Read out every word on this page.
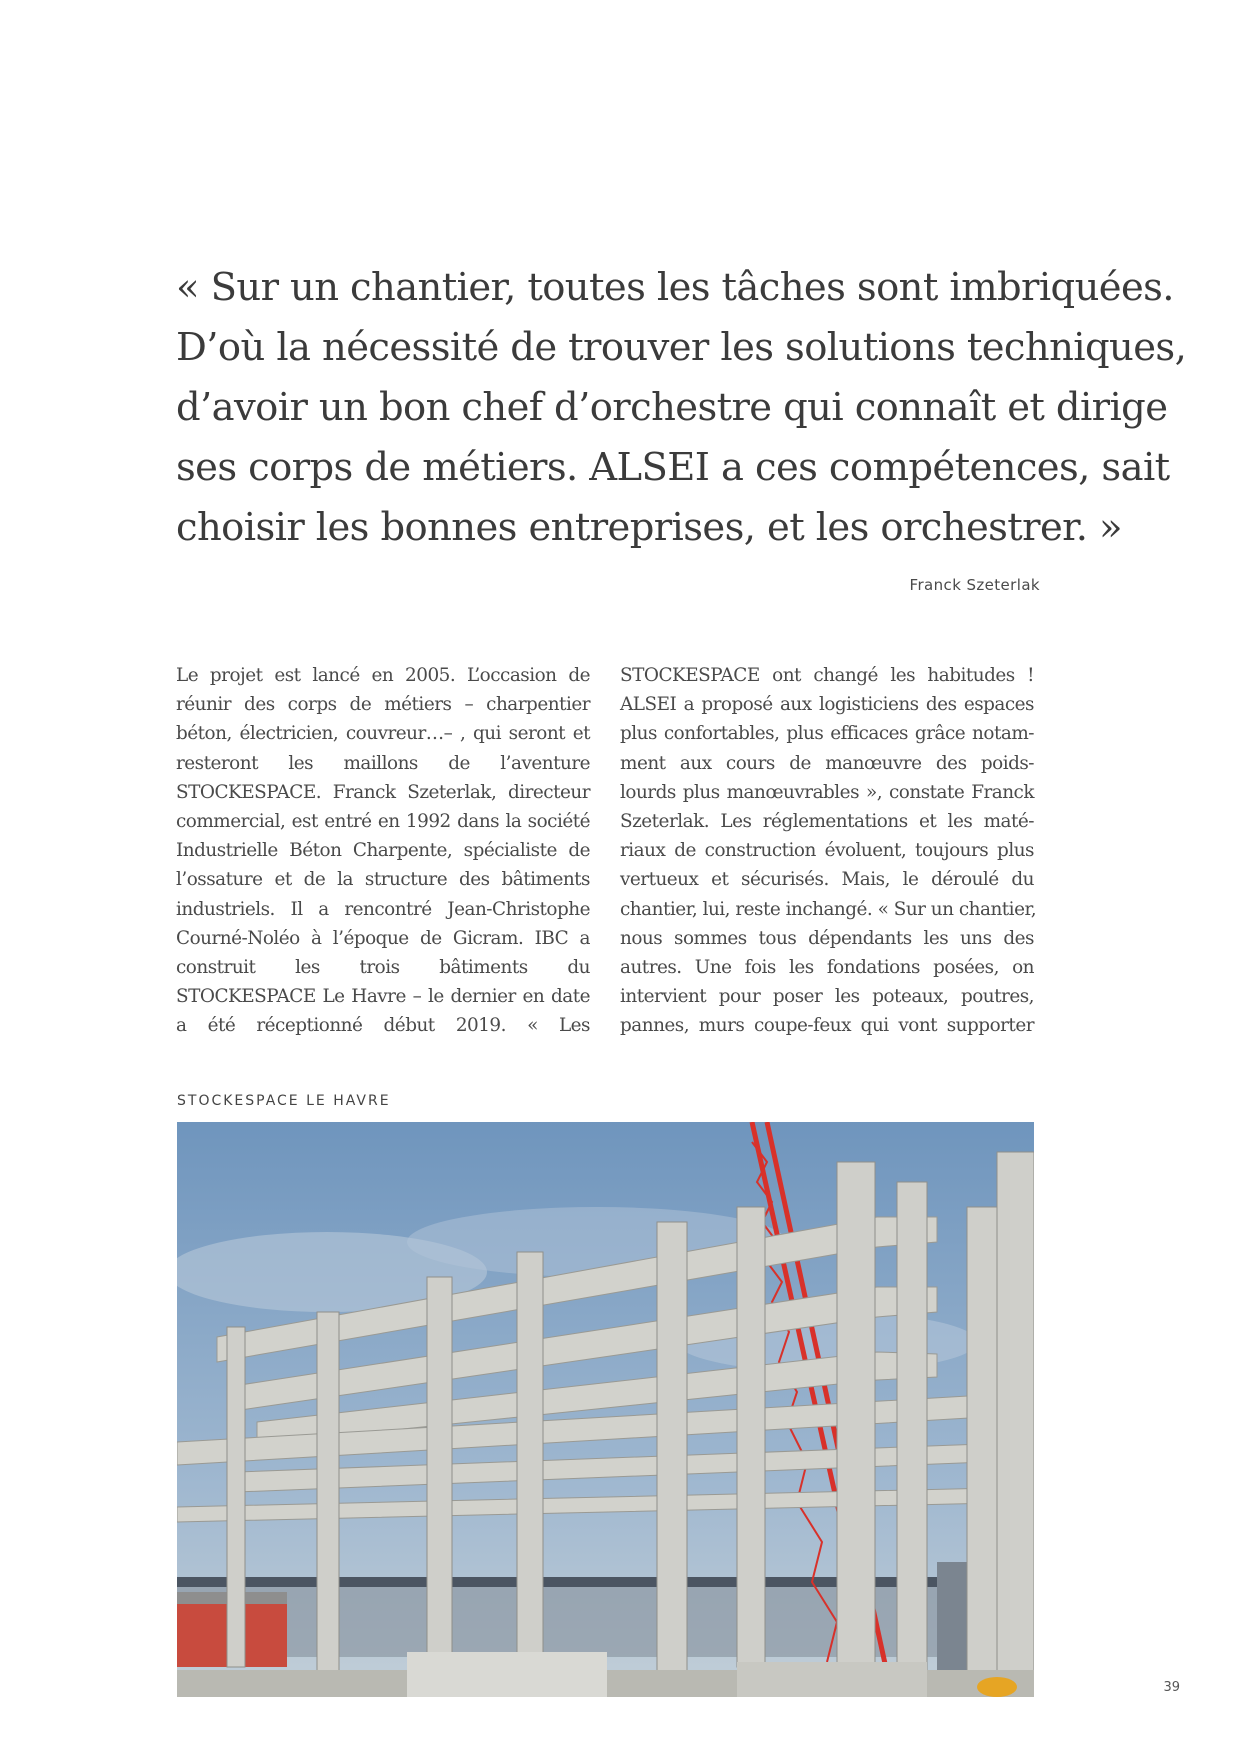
« Sur un chantier, toutes les tâches sont imbriquées.
D’où la nécessité de trouver les solutions techniques,
d’avoir un bon chef d’orchestre qui connaît et dirige
ses corps de métiers. ALSEI a ces compétences, sait
choisir les bonnes entreprises, et les orchestrer. »
Franck Szeterlak
Le projet est lancé en 2005. L’occasion de
réunir des corps de métiers – charpentier
béton, électricien, couvreur…– , qui seront et
resteront les maillons de l’aventure
STOCKESPACE. Franck Szeterlak, directeur
commercial, est entré en 1992 dans la société
Industrielle Béton Charpente, spécialiste de
l’ossature et de la structure des bâtiments
industriels. Il a rencontré Jean-Christophe
Courné-Noléo à l’époque de Gicram. IBC a
construit les trois bâtiments du
STOCKESPACE Le Havre – le dernier en date
a été réceptionné début 2019. « Les
STOCKESPACE ont changé les habitudes !
ALSEI a proposé aux logisticiens des espaces
plus confortables, plus efficaces grâce notam-
ment aux cours de manœuvre des poids-
lourds plus manœuvrables », constate Franck
Szeterlak. Les réglementations et les maté-
riaux de construction évoluent, toujours plus
vertueux et sécurisés. Mais, le déroulé du
chantier, lui, reste inchangé. « Sur un chantier,
nous sommes tous dépendants les uns des
autres. Une fois les fondations posées, on
intervient pour poser les poteaux, poutres,
pannes, murs coupe-feux qui vont supporter
STOCKESPACE LE HAVRE
39
